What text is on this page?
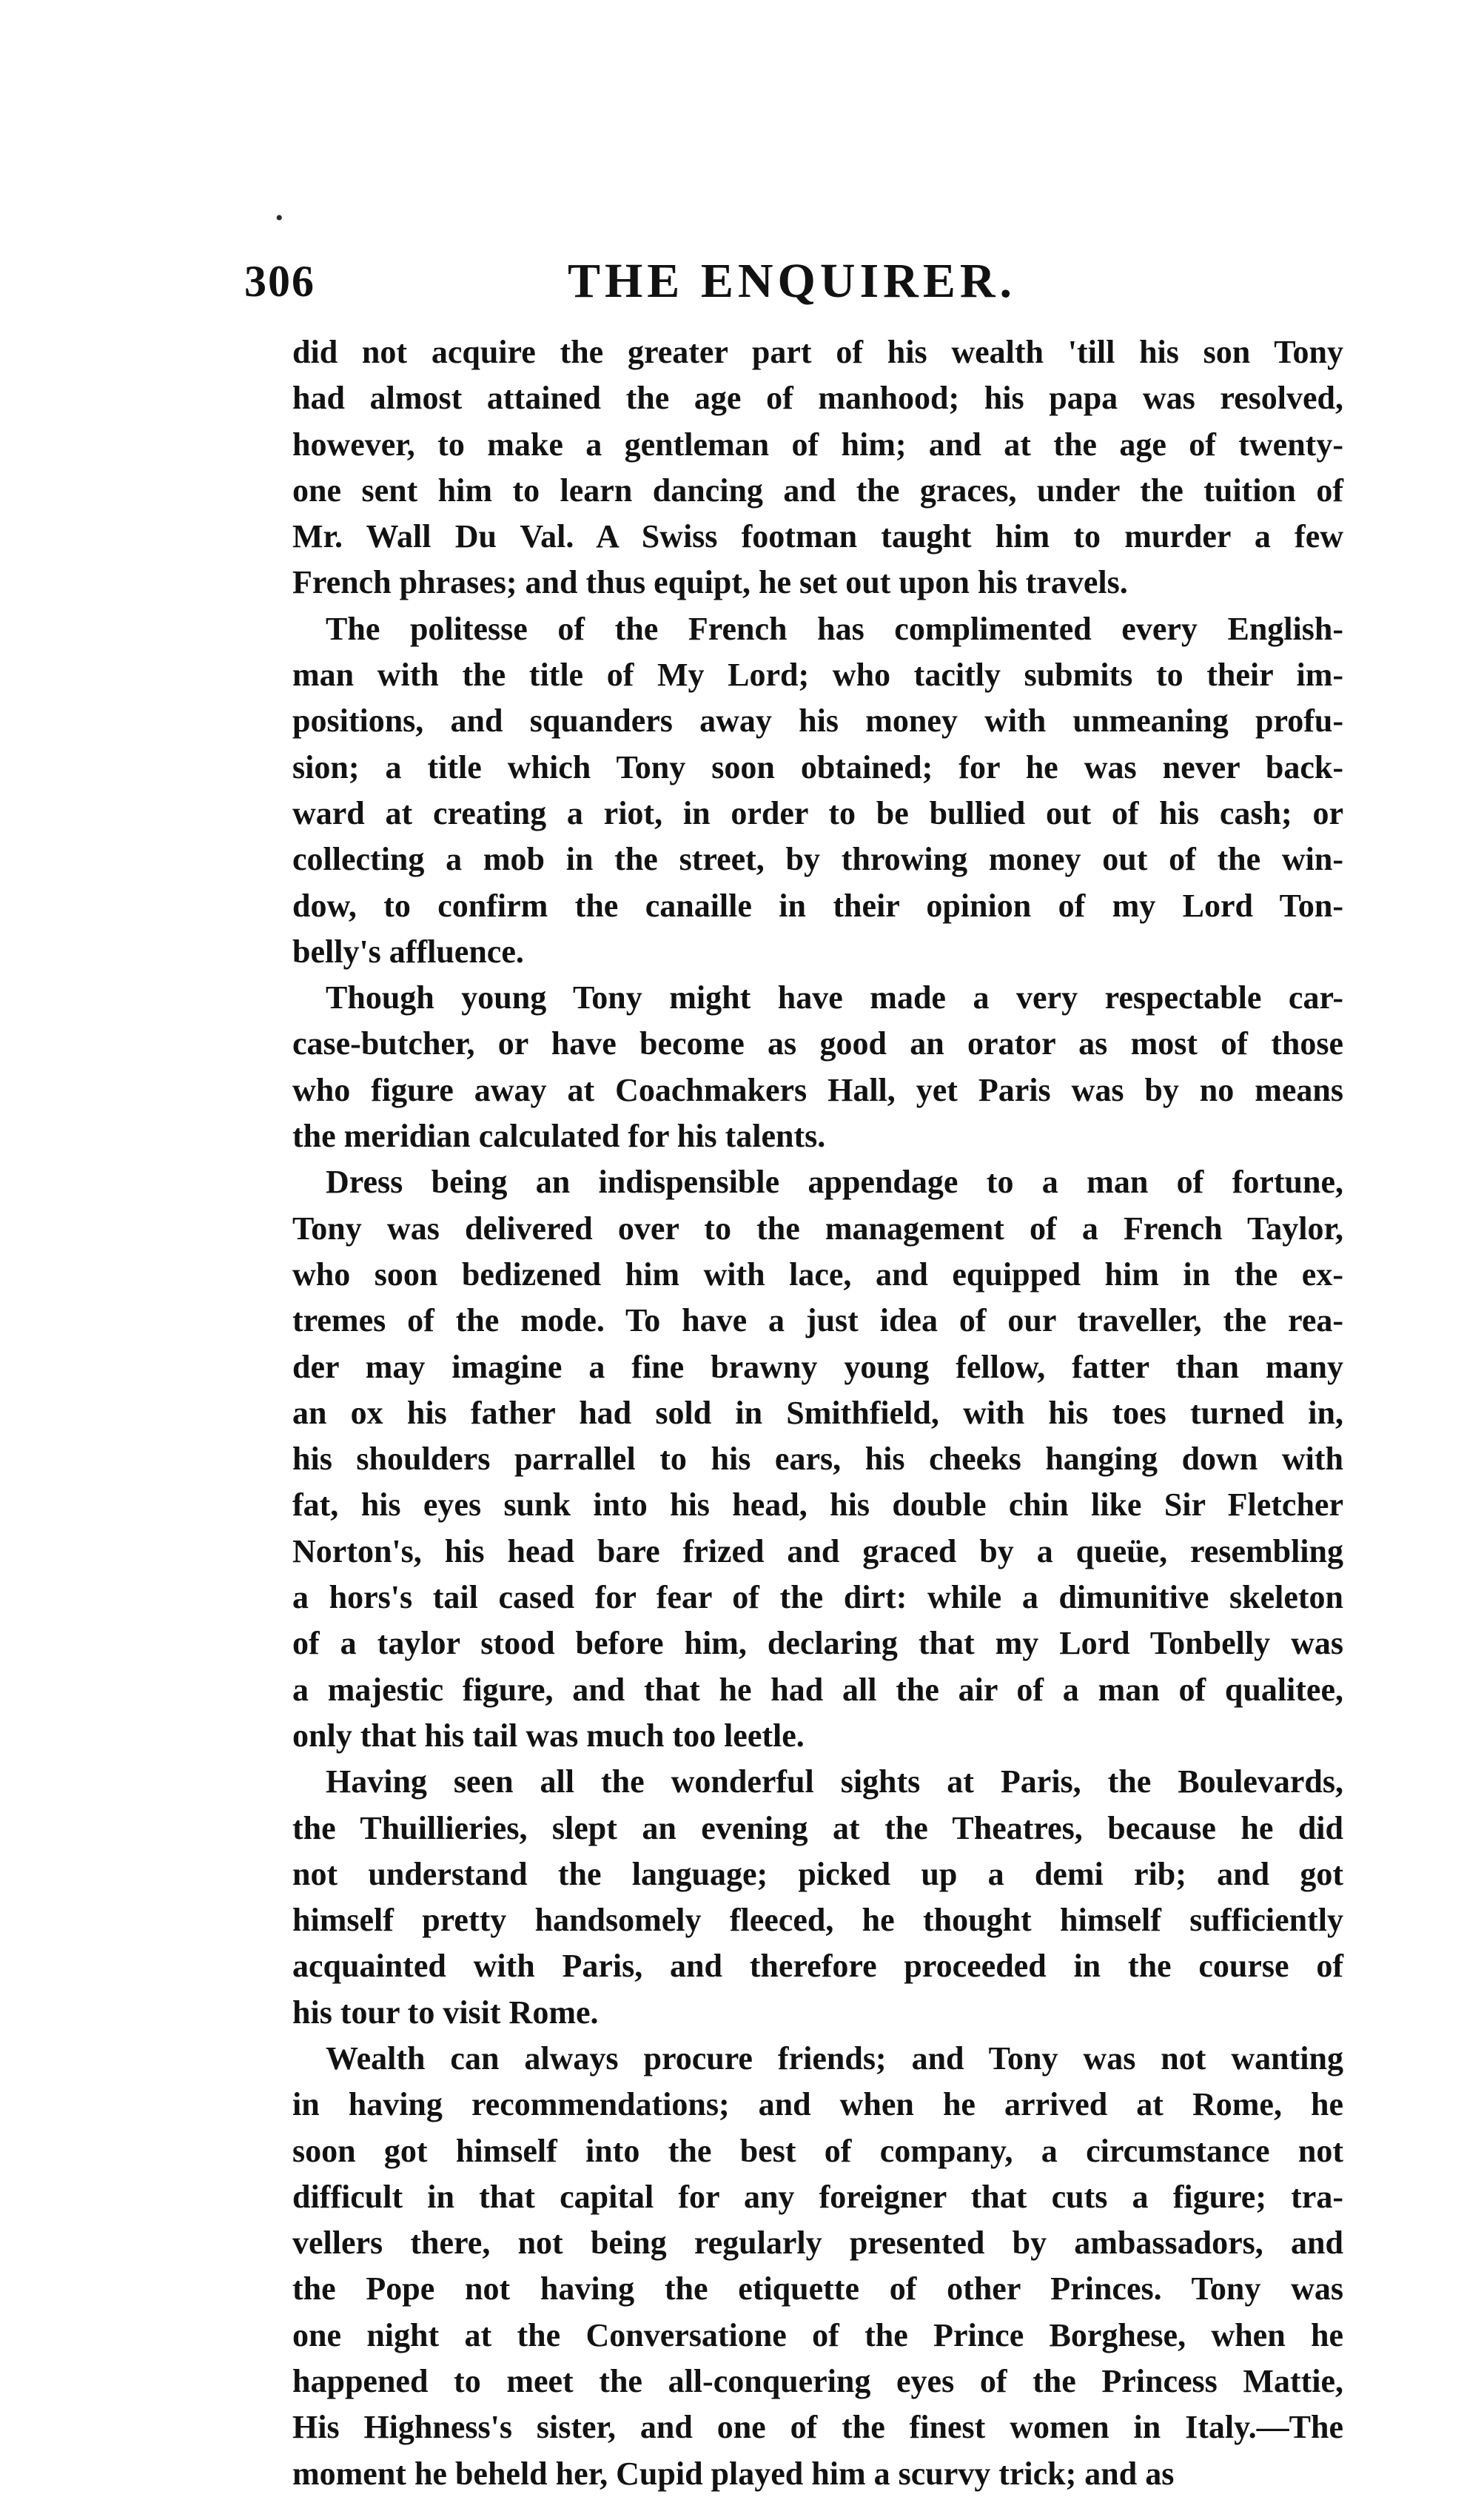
•
306	THE ENQUIRER.
did not acquire the greater part of his wealth 'till his son Tony
had almost attained the age of manhood; his papa was resolved,
however, to make a gentleman of him; and at the age of twenty-
one sent him to learn dancing and the graces, under the tuition of
Mr. Wall Du Val. A Swiss footman taught him to murder a few
French phrases; and thus equipt, he set out upon his travels.
The politesse of the French has complimented every English-
man with the title of My Lord; who tacitly submits to their im-
positions, and squanders away his money with unmeaning profu-
sion; a title which Tony soon obtained; for he was never back-
ward at creating a riot, in order to be bullied out of his cash; or
collecting a mob in the street, by throwing money out of the win-
dow, to confirm the canaille in their opinion of my Lord Ton-
belly's affluence.
Though young Tony might have made a very respectable car-
case-butcher, or have become as good an orator as most of those
who figure away at Coachmakers Hall, yet Paris was by no means
the meridian calculated for his talents.
Dress being an indispensible appendage to a man of fortune,
Tony was delivered over to the management of a French Taylor,
who soon bedizened him with lace, and equipped him in the ex-
tremes of the mode. To have a just idea of our traveller, the rea-
der may imagine a fine brawny young fellow, fatter than many
an ox his father had sold in Smithfield, with his toes turned in,
his shoulders parrallel to his ears, his cheeks hanging down with
fat, his eyes sunk into his head, his double chin like Sir Fletcher
Norton's, his head bare frized and graced by a queüe, resembling
a hors's tail cased for fear of the dirt: while a dimunitive skeleton
of a taylor stood before him, declaring that my Lord Tonbelly was
a majestic figure, and that he had all the air of a man of qualitee,
only that his tail was much too leetle.
Having seen all the wonderful sights at Paris, the Boulevards,
the Thuillieries, slept an evening at the Theatres, because he did
not understand the language; picked up a demi rib; and got
himself pretty handsomely fleeced, he thought himself sufficiently
acquainted with Paris, and therefore proceeded in the course of
his tour to visit Rome.
Wealth can always procure friends; and Tony was not wanting
in having recommendations; and when he arrived at Rome, he
soon got himself into the best of company, a circumstance not
difficult in that capital for any foreigner that cuts a figure; tra-
vellers there, not being regularly presented by ambassadors, and
the Pope not having the etiquette of other Princes. Tony was
one night at the Conversatione of the Prince Borghese, when he
happened to meet the all-conquering eyes of the Princess Mattie,
His Highness's sister, and one of the finest women in Italy.—The
moment he beheld her, Cupid played him a scurvy trick; and as
